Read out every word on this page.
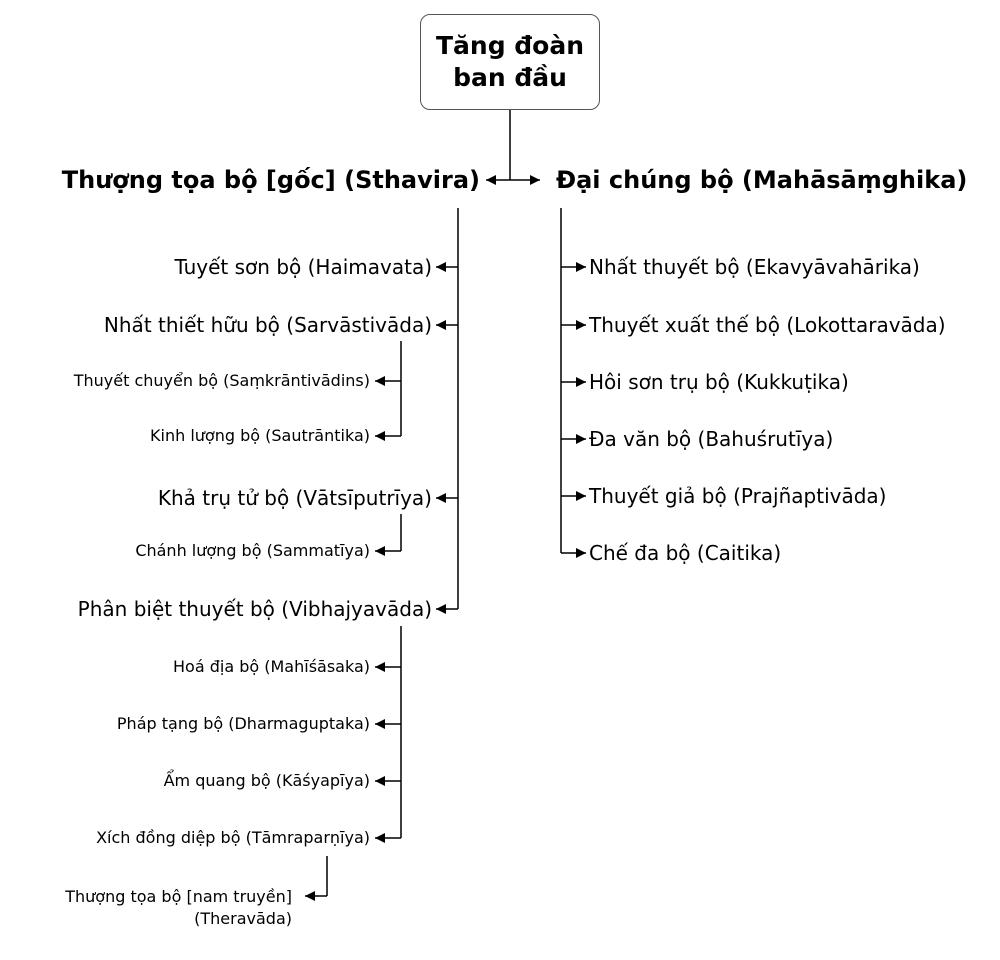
Tăng đoàn
ban đầu
Thượng tọa bộ [gốc] (Sthavira)	Đại chúng bộ (Mahāsāṃghika)
Tuyết sơn bộ (Haimavata)
Nhất thiết hữu bộ (Sarvāstivāda)
Khả trụ tử bộ (Vātsīputrīya)
Phân biệt thuyết bộ (Vibhajyavāda)
Thuyết chuyển bộ (Saṃkrāntivādins)
Kinh lượng bộ (Sautrāntika)
Chánh lượng bộ (Sammatīya)
Hoá địa bộ (Mahīśāsaka)
Pháp tạng bộ (Dharmaguptaka)
Ẩm quang bộ (Kāśyapīya)
Xích đồng diệp bộ (Tāmraparṇīya)
Thượng tọa bộ [nam truyền]
(Theravāda)
Nhất thuyết bộ (Ekavyāvahārika)
Thuyết xuất thế bộ (Lokottaravāda)
Hôi sơn trụ bộ (Kukkuṭika)
Đa văn bộ (Bahuśrutīya)
Thuyết giả bộ (Prajñaptivāda)
Chế đa bộ (Caitika)
